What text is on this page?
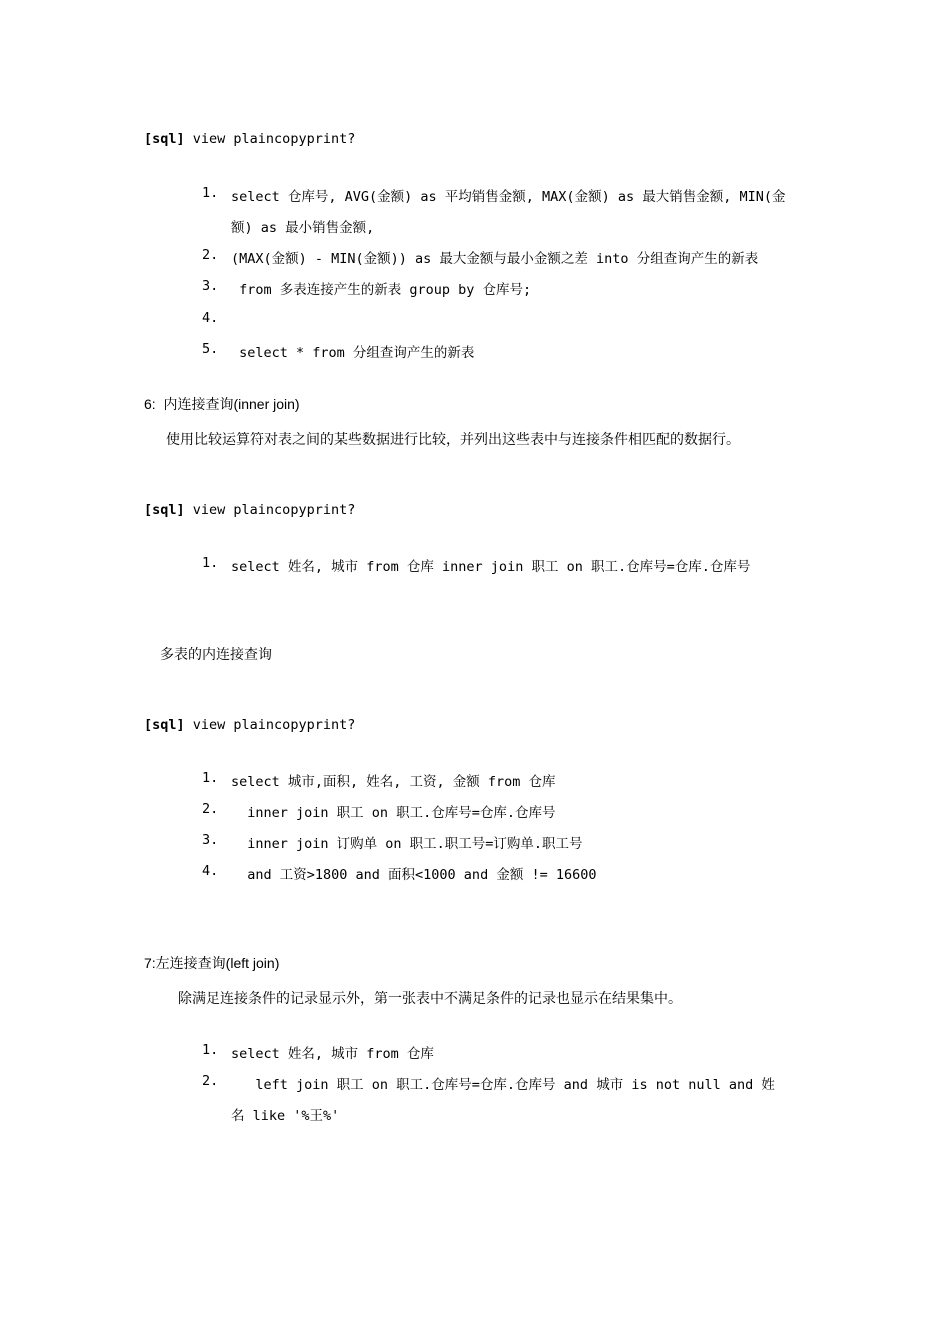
[sql] view plaincopyprint?
1. select 仓库号, AVG(金额) as 平均销售金额, MAX(金额) as 最大销售金额, MIN(金
额) as 最小销售金额,
2. (MAX(金额) - MIN(金额)) as 最大金额与最小金额之差 into 分组查询产生的新表
3. from 多表连接产生的新表 group by 仓库号;
4.
5. select * from 分组查询产生的新表
6:  内连接查询(inner join)
使用比较运算符对表之间的某些数据进行比较，并列出这些表中与连接条件相匹配的数据行。
[sql] view plaincopyprint?
1. select 姓名, 城市 from 仓库 inner join 职工 on 职工.仓库号=仓库.仓库号
多表的内连接查询
[sql] view plaincopyprint?
1. select 城市,面积, 姓名, 工资, 金额 from 仓库
2. inner join 职工 on 职工.仓库号=仓库.仓库号
3. inner join 订购单 on 职工.职工号=订购单.职工号
4. and 工资>1800 and 面积<1000 and 金额 != 16600
7:左连接查询(left join)
除满足连接条件的记录显示外，第一张表中不满足条件的记录也显示在结果集中。
1. select 姓名, 城市 from 仓库
2. left join 职工 on 职工.仓库号=仓库.仓库号 and 城市 is not null and 姓
名 like '%王%'
